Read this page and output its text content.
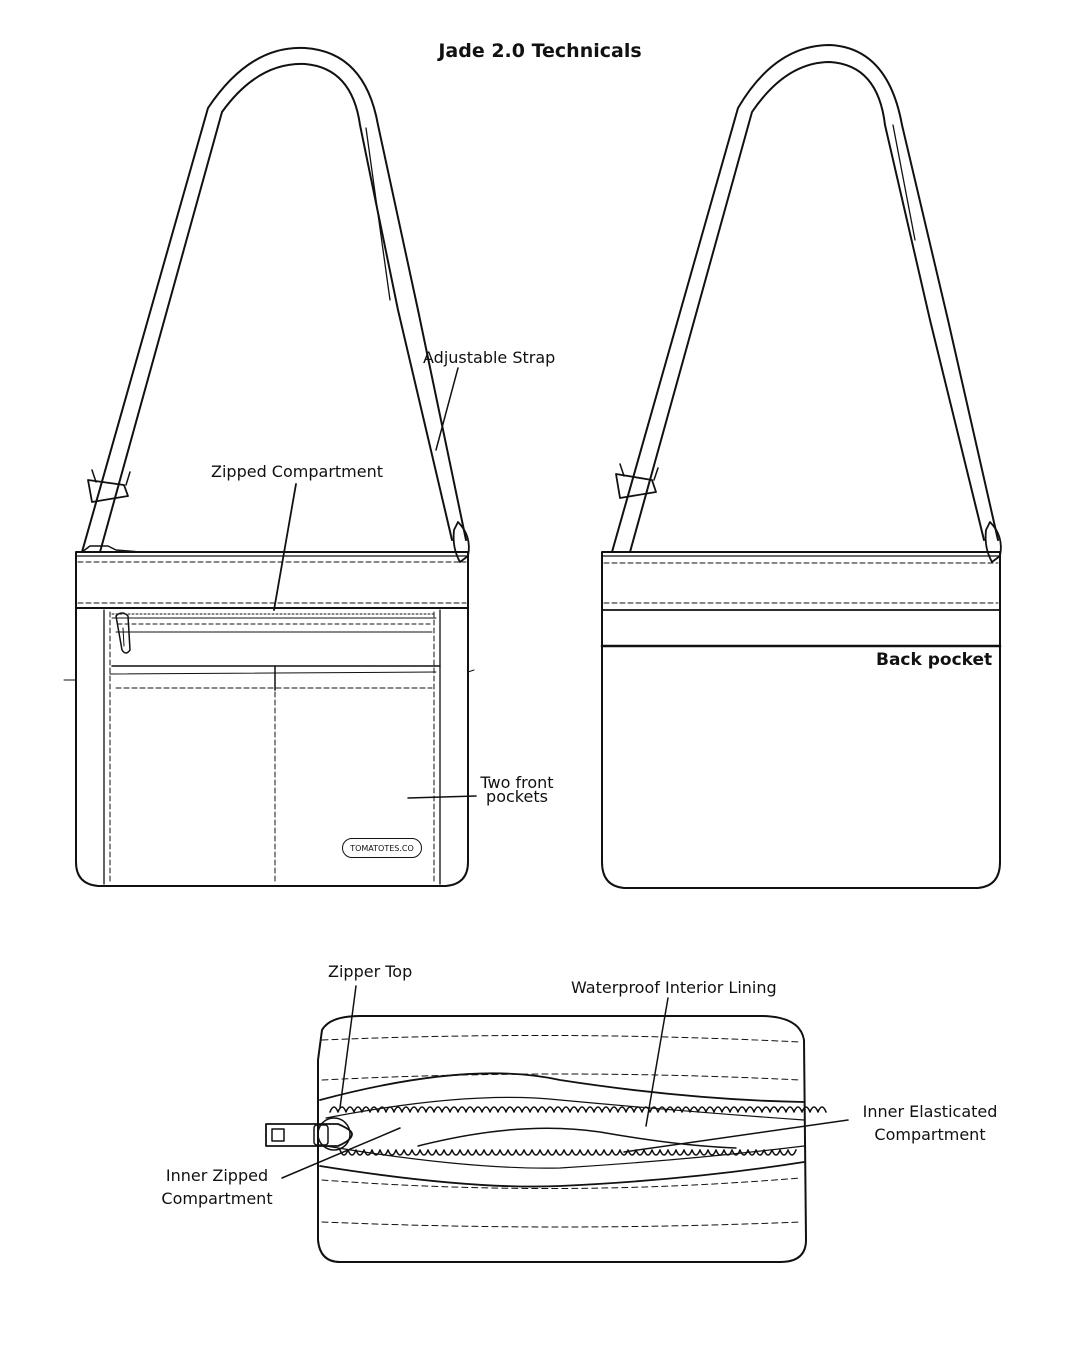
Jade 2.0 Technicals
Adjustable Strap
Zipped Compartment
Two front
pockets
TOMATOTES.CO
Back pocket
Zipper Top
Waterproof Interior Lining
Inner Elasticated
Compartment
Inner Zipped
Compartment
